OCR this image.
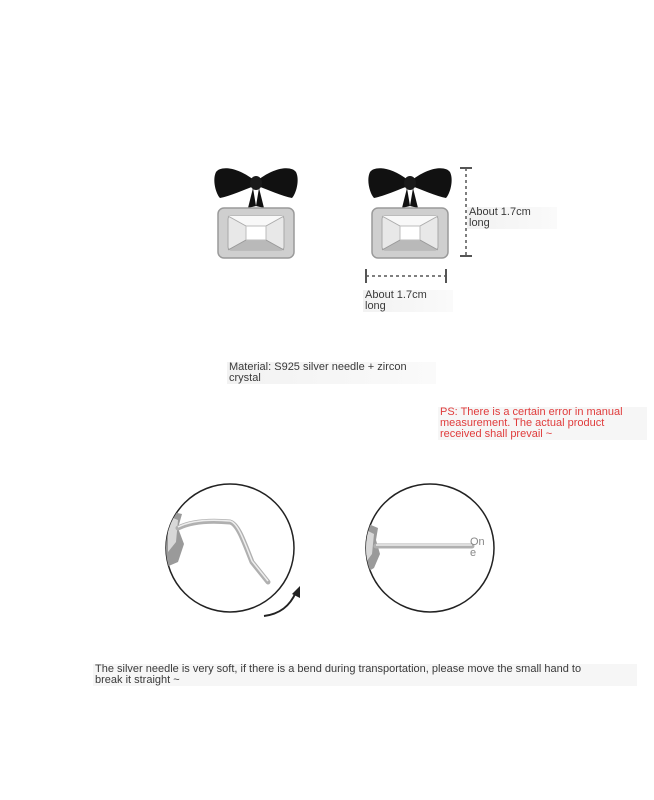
About 1.7cm
long
About 1.7cm
long
Material: S925 silver needle + zircon
crystal
PS: There is a certain error in manual
measurement. The actual product
received shall prevail ~
On
e
The silver needle is very soft, if there is a bend during transportation, please move the small hand to
break it straight ~
